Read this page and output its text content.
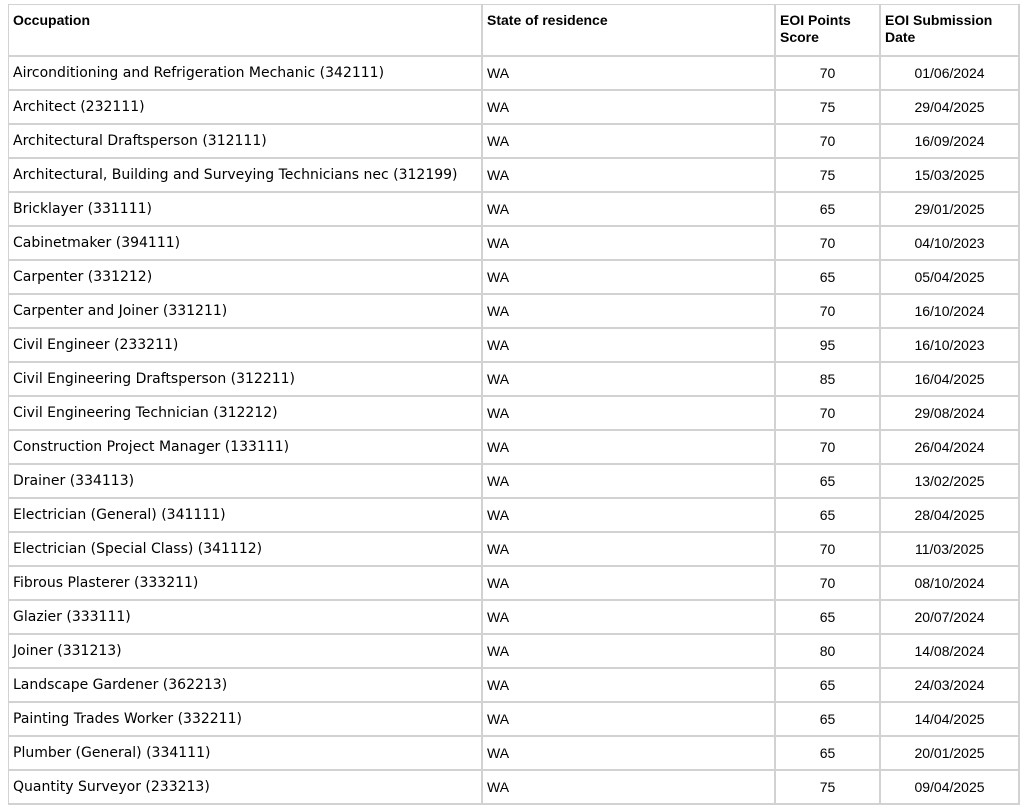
Occupation	State of residence	EOI Points Score	EOI Submission Date
Airconditioning and Refrigeration Mechanic (342111)	WA	70	01/06/2024
Architect (232111)	WA	75	29/04/2025
Architectural Draftsperson (312111)	WA	70	16/09/2024
Architectural, Building and Surveying Technicians nec (312199)	WA	75	15/03/2025
Bricklayer (331111)	WA	65	29/01/2025
Cabinetmaker (394111)	WA	70	04/10/2023
Carpenter (331212)	WA	65	05/04/2025
Carpenter and Joiner (331211)	WA	70	16/10/2024
Civil Engineer (233211)	WA	95	16/10/2023
Civil Engineering Draftsperson (312211)	WA	85	16/04/2025
Civil Engineering Technician (312212)	WA	70	29/08/2024
Construction Project Manager (133111)	WA	70	26/04/2024
Drainer (334113)	WA	65	13/02/2025
Electrician (General) (341111)	WA	65	28/04/2025
Electrician (Special Class) (341112)	WA	70	11/03/2025
Fibrous Plasterer (333211)	WA	70	08/10/2024
Glazier (333111)	WA	65	20/07/2024
Joiner (331213)	WA	80	14/08/2024
Landscape Gardener (362213)	WA	65	24/03/2024
Painting Trades Worker (332211)	WA	65	14/04/2025
Plumber (General) (334111)	WA	65	20/01/2025
Quantity Surveyor (233213)	WA	75	09/04/2025
